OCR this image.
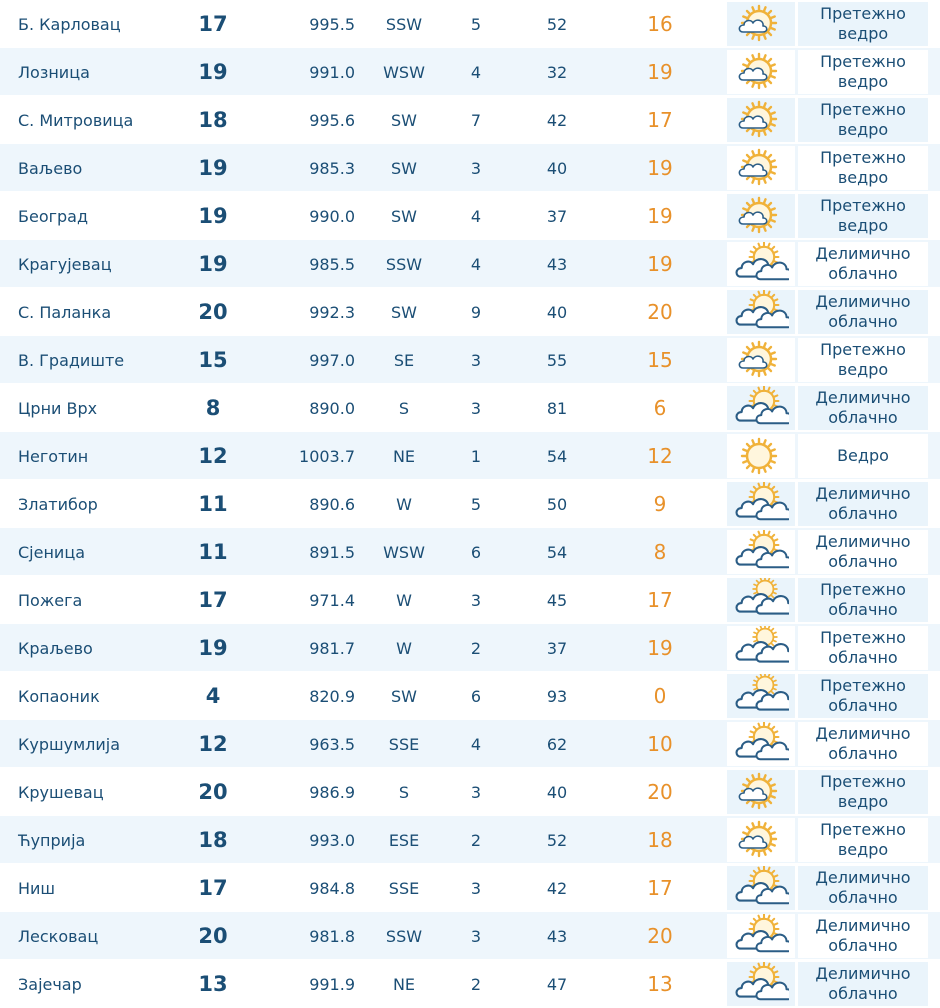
Б. Карловац	17	995.5	SSW	5	52	16	Претежно
ведро
Лозница	19	991.0	WSW	4	32	19	Претежно
ведро
С. Митровица	18	995.6	SW	7	42	17	Претежно
ведро
Ваљево	19	985.3	SW	3	40	19	Претежно
ведро
Београд	19	990.0	SW	4	37	19	Претежно
ведро
Крагујевац	19	985.5	SSW	4	43	19	Делимично
облачно
С. Паланка	20	992.3	SW	9	40	20	Делимично
облачно
В. Градиште	15	997.0	SE	3	55	15	Претежно
ведро
Црни Врх	8	890.0	S	3	81	6	Делимично
облачно
Неготин	12	1003.7	NE	1	54	12	Ведро
Златибор	11	890.6	W	5	50	9	Делимично
облачно
Сјеница	11	891.5	WSW	6	54	8	Делимично
облачно
Пожега	17	971.4	W	3	45	17	Претежно
облачно
Краљево	19	981.7	W	2	37	19	Претежно
облачно
Копаоник	4	820.9	SW	6	93	0	Претежно
облачно
Куршумлија	12	963.5	SSE	4	62	10	Делимично
облачно
Крушевац	20	986.9	S	3	40	20	Претежно
ведро
Ћуприја	18	993.0	ESE	2	52	18	Претежно
ведро
Ниш	17	984.8	SSE	3	42	17	Делимично
облачно
Лесковац	20	981.8	SSW	3	43	20	Делимично
облачно
Зајечар	13	991.9	NE	2	47	13	Делимично
облачно
